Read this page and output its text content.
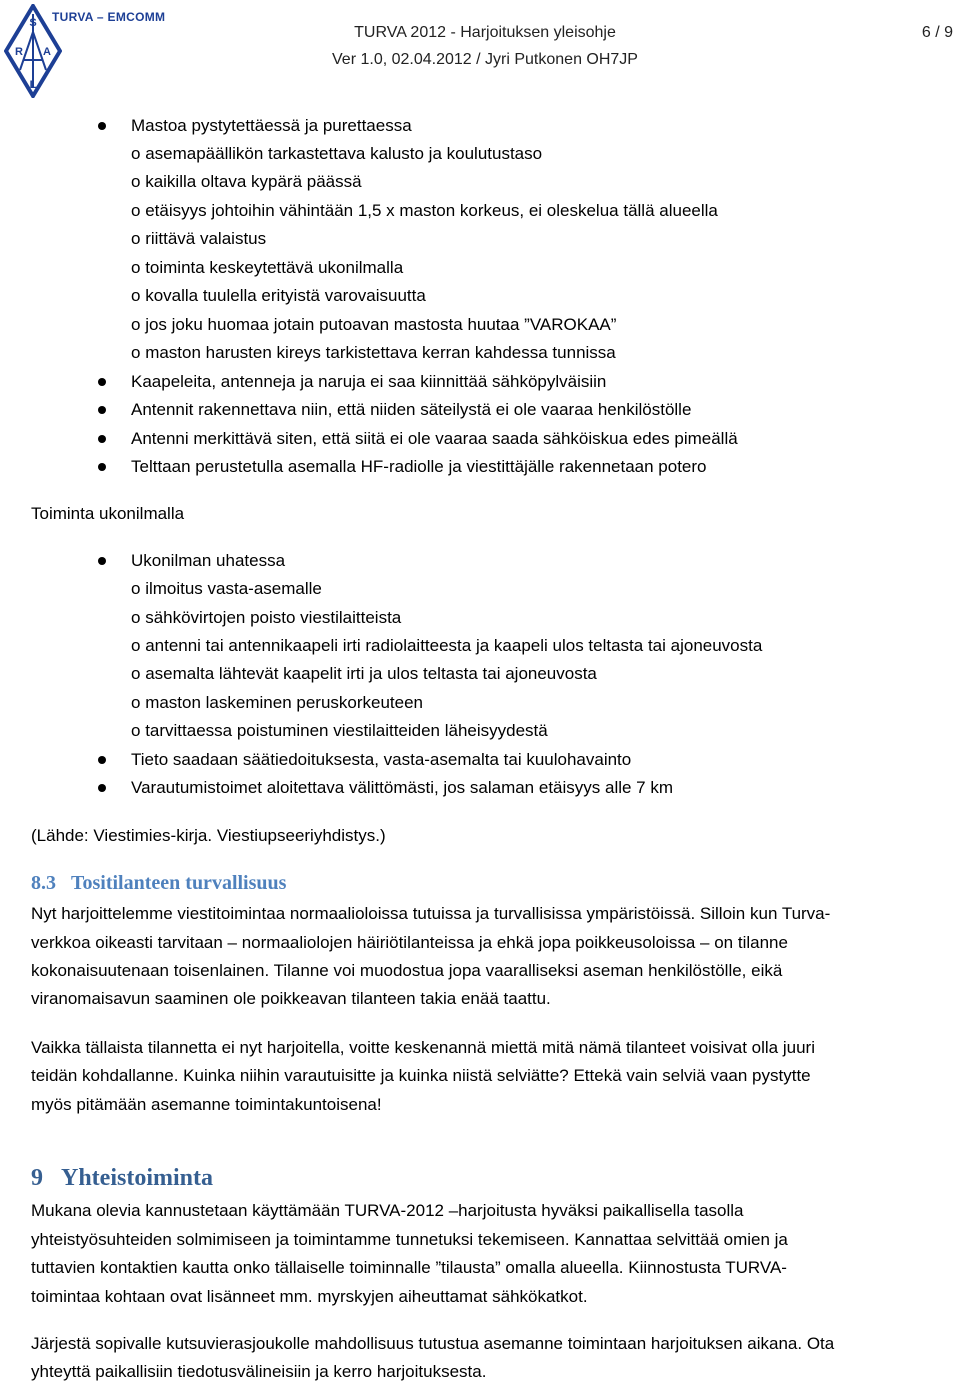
S
R A
L
TURVA – EMCOMM
TURVA 2012 - Harjoituksen yleisohje
Ver 1.0, 02.04.2012 / Jyri Putkonen OH7JP
6 / 9
Mastoa pystytettäessä ja purettaessa
o asemapäällikön tarkastettava kalusto ja koulutustaso
o kaikilla oltava kypärä päässä
o etäisyys johtoihin vähintään 1,5 x maston korkeus, ei oleskelua tällä alueella
o riittävä valaistus
o toiminta keskeytettävä ukonilmalla
o kovalla tuulella erityistä varovaisuutta
o jos joku huomaa jotain putoavan mastosta huutaa ”VAROKAA”
o maston harusten kireys tarkistettava kerran kahdessa tunnissa
Kaapeleita, antenneja ja naruja ei saa kiinnittää sähköpylväisiin
Antennit rakennettava niin, että niiden säteilystä ei ole vaaraa henkilöstölle
Antenni merkittävä siten, että siitä ei ole vaaraa saada sähköiskua edes pimeällä
Telttaan perustetulla asemalla HF-radiolle ja viestittäjälle rakennetaan potero
Toiminta ukonilmalla
Ukonilman uhatessa
o ilmoitus vasta-asemalle
o sähkövirtojen poisto viestilaitteista
o antenni tai antennikaapeli irti radiolaitteesta ja kaapeli ulos teltasta tai ajoneuvosta
o asemalta lähtevät kaapelit irti ja ulos teltasta tai ajoneuvosta
o maston laskeminen peruskorkeuteen
o tarvittaessa poistuminen viestilaitteiden läheisyydestä
Tieto saadaan säätiedoituksesta, vasta-asemalta tai kuulohavainto
Varautumistoimet aloitettava välittömästi, jos salaman etäisyys alle 7 km
(Lähde: Viestimies-kirja. Viestiupseeriyhdistys.)
8.3 Tositilanteen turvallisuus
Nyt harjoittelemme viestitoimintaa normaalioloissa tutuissa ja turvallisissa ympäristöissä. Silloin kun Turva-
verkkoa oikeasti tarvitaan – normaaliolojen häiriötilanteissa ja ehkä jopa poikkeusoloissa – on tilanne
kokonaisuutenaan toisenlainen. Tilanne voi muodostua jopa vaaralliseksi aseman henkilöstölle, eikä
viranomaisavun saaminen ole poikkeavan tilanteen takia enää taattu.
Vaikka tällaista tilannetta ei nyt harjoitella, voitte keskenannä miettä mitä nämä tilanteet voisivat olla juuri
teidän kohdallanne. Kuinka niihin varautuisitte ja kuinka niistä selviätte? Ettekä vain selviä vaan pystytte
myös pitämään asemanne toimintakuntoisena!
9 Yhteistoiminta
Mukana olevia kannustetaan käyttämään TURVA-2012 –harjoitusta hyväksi paikallisella tasolla
yhteistyösuhteiden solmimiseen ja toimintamme tunnetuksi tekemiseen. Kannattaa selvittää omien ja
tuttavien kontaktien kautta onko tällaiselle toiminnalle ”tilausta” omalla alueella. Kiinnostusta TURVA-
toimintaa kohtaan ovat lisänneet mm. myrskyjen aiheuttamat sähkökatkot.
Järjestä sopivalle kutsuvierasjoukolle mahdollisuus tutustua asemanne toimintaan harjoituksen aikana. Ota
yhteyttä paikallisiin tiedotusvälineisiin ja kerro harjoituksesta.
